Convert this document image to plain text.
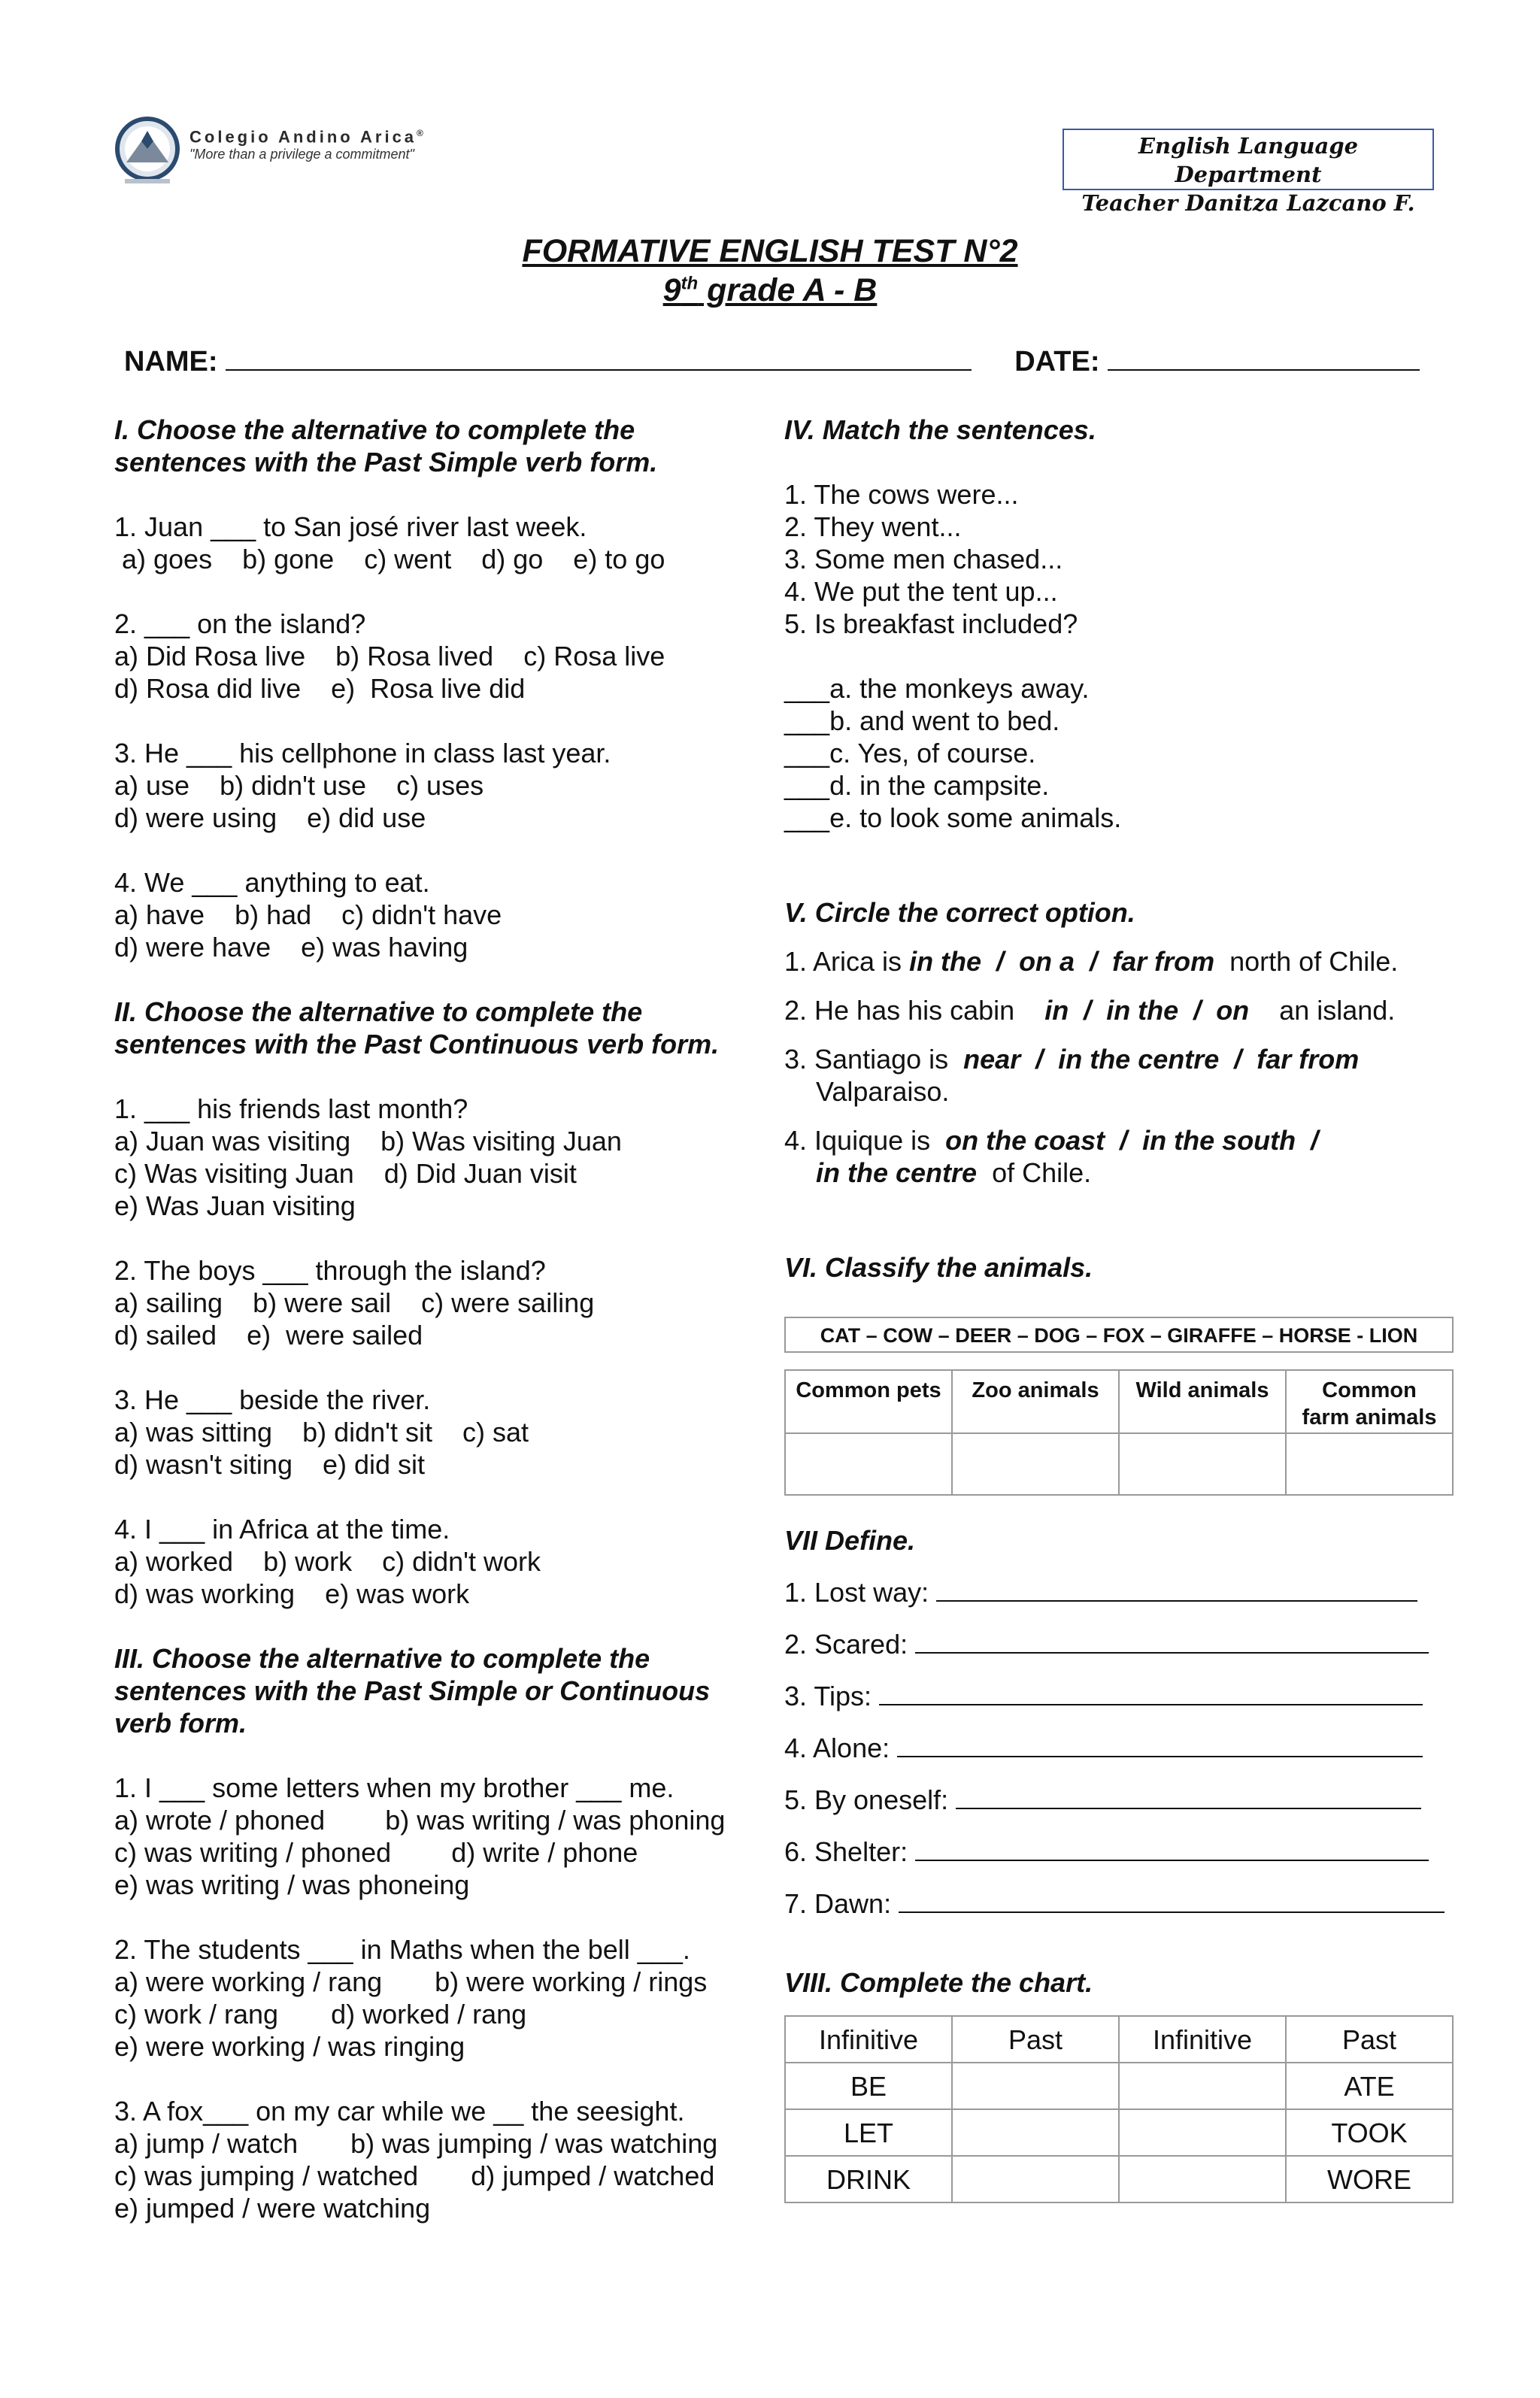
Colegio Andino Arica®
"More than a privilege a commitment"	English Language Department
Teacher Danitza Lazcano F.
FORMATIVE ENGLISH TEST N°2
9th grade A - B
NAME:	DATE:
I. Choose the alternative to complete the
sentences with the Past Simple verb form.
1. Juan ___ to San josé river last week.
a) goes    b) gone    c) went    d) go    e) to go
2. ___ on the island?
a) Did Rosa live    b) Rosa lived    c) Rosa live
d) Rosa did live    e)  Rosa live did
3. He ___ his cellphone in class last year.
a) use    b) didn't use    c) uses
d) were using    e) did use
4. We ___ anything to eat.
a) have    b) had    c) didn't have
d) were have    e) was having
II. Choose the alternative to complete the
sentences with the Past Continuous verb form.
1. ___ his friends last month?
a) Juan was visiting    b) Was visiting Juan
c) Was visiting Juan    d) Did Juan visit
e) Was Juan visiting
2. The boys ___ through the island?
a) sailing    b) were sail    c) were sailing
d) sailed    e)  were sailed
3. He ___ beside the river.
a) was sitting    b) didn't sit    c) sat
d) wasn't siting    e) did sit
4. I ___ in Africa at the time.
a) worked    b) work    c) didn't work
d) was working    e) was work
III. Choose the alternative to complete the
sentences with the Past Simple or Continuous
verb form.
1. I ___ some letters when my brother ___ me.
a) wrote / phoned        b) was writing / was phoning
c) was writing / phoned        d) write / phone
e) was writing / was phoneing
2. The students ___ in Maths when the bell ___.
a) were working / rang       b) were working / rings
c) work / rang       d) worked / rang
e) were working / was ringing
3. A fox___ on my car while we __ the seesight.
a) jump / watch       b) was jumping / was watching
c) was jumping / watched       d) jumped / watched
e) jumped / were watching
IV. Match the sentences.
1. The cows were...
2. They went...
3. Some men chased...
4. We put the tent up...
5. Is breakfast included?
___a. the monkeys away.
___b. and went to bed.
___c. Yes, of course.
___d. in the campsite.
___e. to look some animals.
V. Circle the correct option.
1. Arica is in the  /  on a  /  far from  north of Chile.
2. He has his cabin    in  /  in the  /  on    an island.
3. Santiago is  near  /  in the centre  /  far from
Valparaiso.
4. Iquique is  on the coast  /  in the south  /
in the centre  of Chile.
VI. Classify the animals.
CAT – COW – DEER – DOG – FOX – GIRAFFE – HORSE - LION
Common pets	Zoo animals	Wild animals	Common
farm animals

VII Define.
1. Lost way:
2. Scared:
3. Tips:
4. Alone:
5. By oneself:
6. Shelter:
7. Dawn:
VIII. Complete the chart.
Infinitive	Past	Infinitive	Past
BE			ATE
LET			TOOK
DRINK			WORE
